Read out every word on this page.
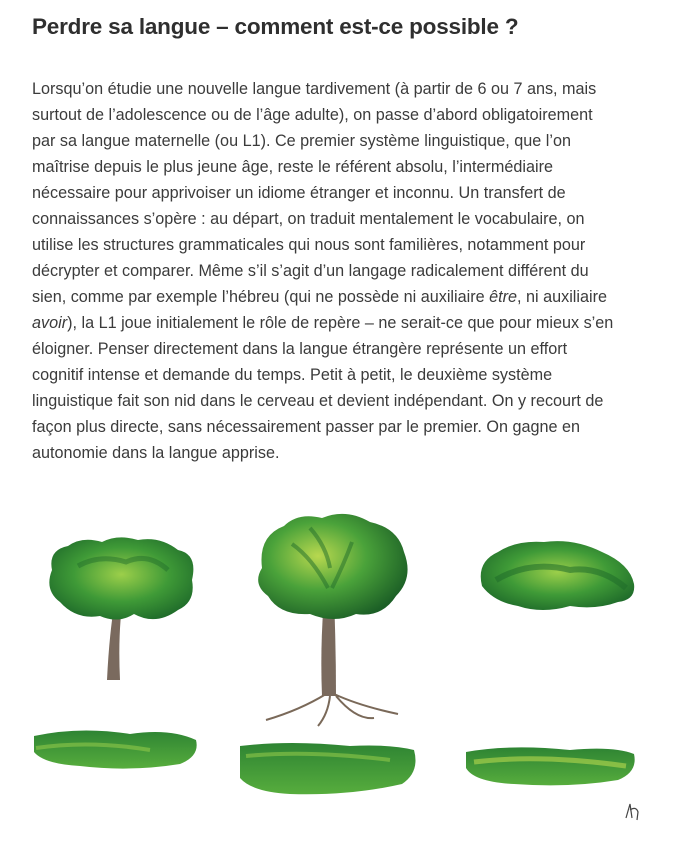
Perdre sa langue – comment est-ce possible ?
Lorsqu’on étudie une nouvelle langue tardivement (à partir de 6 ou 7 ans, mais
surtout de l’adolescence ou de l’âge adulte), on passe d’abord obligatoirement
par sa langue maternelle (ou L1). Ce premier système linguistique, que l’on
maîtrise depuis le plus jeune âge, reste le référent absolu, l’intermédiaire
nécessaire pour apprivoiser un idiome étranger et inconnu. Un transfert de
connaissances s’opère : au départ, on traduit mentalement le vocabulaire, on
utilise les structures grammaticales qui nous sont familières, notamment pour
décrypter et comparer. Même s’il s’agit d’un langage radicalement différent du
sien, comme par exemple l’hébreu (qui ne possède ni auxiliaire être, ni auxiliaire
avoir), la L1 joue initialement le rôle de repère – ne serait-ce que pour mieux s’en
éloigner. Penser directement dans la langue étrangère représente un effort
cognitif intense et demande du temps. Petit à petit, le deuxième système
linguistique fait son nid dans le cerveau et devient indépendant. On y recourt de
façon plus directe, sans nécessairement passer par le premier. On gagne en
autonomie dans la langue apprise.
